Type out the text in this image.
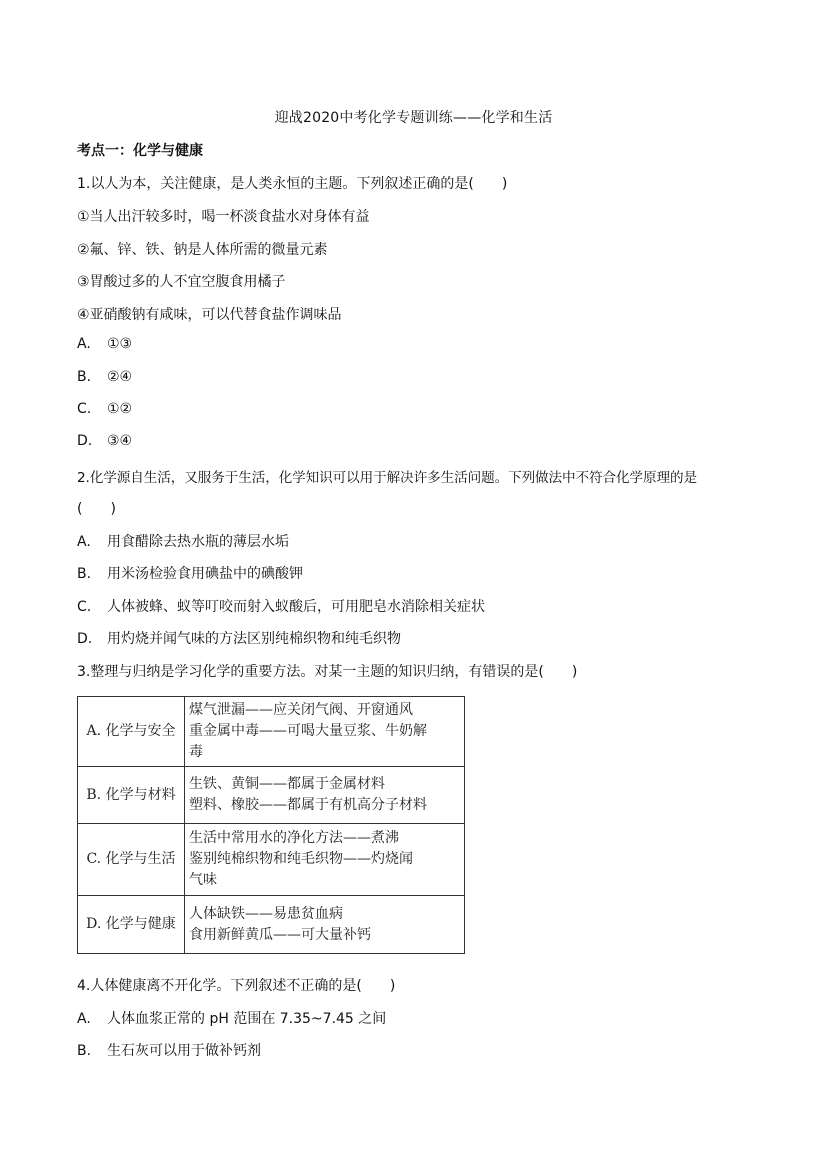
迎战2020中考化学专题训练——化学和生活
考点一：化学与健康
1.以人为本，关注健康，是人类永恒的主题。下列叙述正确的是(　　)
①当人出汗较多时，喝一杯淡食盐水对身体有益
②氟、锌、铁、钠是人体所需的微量元素
③胃酸过多的人不宜空腹食用橘子
④亚硝酸钠有咸味，可以代替食盐作调味品
A. ①③
B. ②④
C. ①②
D. ③④
2.化学源自生活，又服务于生活，化学知识可以用于解决许多生活问题。下列做法中不符合化学原理的是
(　　)
A. 用食醋除去热水瓶的薄层水垢
B. 用米汤检验食用碘盐中的碘酸钾
C. 人体被蜂、蚁等叮咬而射入蚁酸后，可用肥皂水消除相关症状
D. 用灼烧并闻气味的方法区别纯棉织物和纯毛织物
3.整理与归纳是学习化学的重要方法。对某一主题的知识归纳，有错误的是(　　)
A. 化学与安全	煤气泄漏——应关闭气阀、开窗通风
重金属中毒——可喝大量豆浆、牛奶解
毒

B. 化学与材料	生铁、黄铜——都属于金属材料
塑料、橡胶——都属于有机高分子材料

C. 化学与生活	生活中常用水的净化方法——煮沸
鉴别纯棉织物和纯毛织物——灼烧闻
气味

D. 化学与健康	人体缺铁——易患贫血病
食用新鲜黄瓜——可大量补钙
4.人体健康离不开化学。下列叙述不正确的是(　　)
A. 人体血浆正常的 pH 范围在 7.35~7.45 之间
B. 生石灰可以用于做补钙剂
